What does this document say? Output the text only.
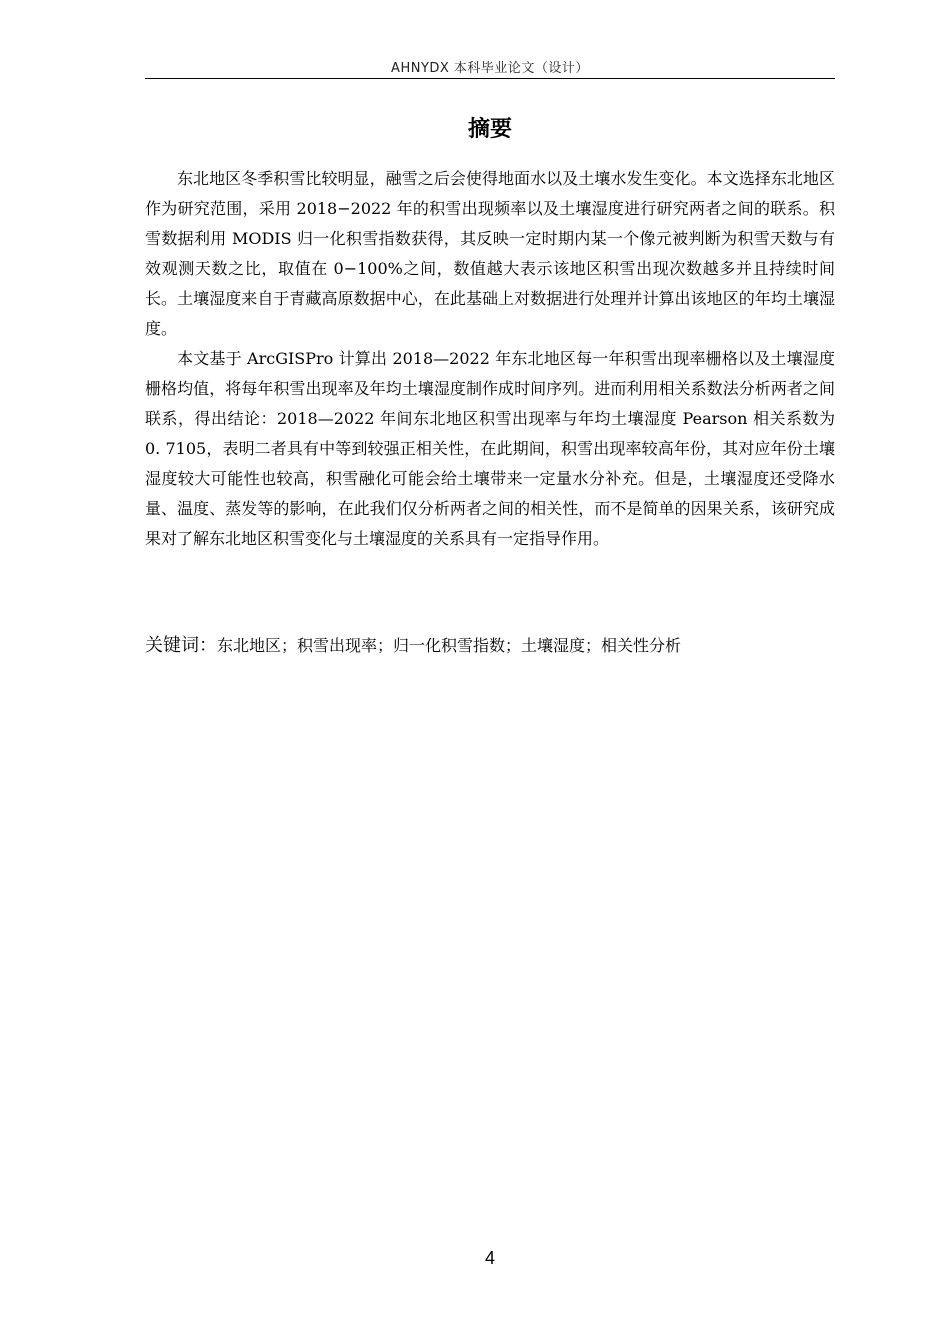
AHNYDX 本科毕业论文（设计）
摘要

东北地区冬季积雪比较明显，融雪之后会使得地面水以及土壤水发生变化。本文选择东北地区作为研究范围，采用 2018−2022 年的积雪出现频率以及土壤湿度进行研究两者之间的联系。积雪数据利用 MODIS 归一化积雪指数获得，其反映一定时期内某一个像元被判断为积雪天数与有效观测天数之比，取值在 0−100%之间，数值越大表示该地区积雪出现次数越多并且持续时间长。土壤湿度来自于青藏高原数据中心，在此基础上对数据进行处理并计算出该地区的年均土壤湿度。

本文基于 ArcGISPro 计算出 2018—2022 年东北地区每一年积雪出现率栅格以及土壤湿度栅格均值，将每年积雪出现率及年均土壤湿度制作成时间序列。进而利用相关系数法分析两者之间联系，得出结论：2018—2022 年间东北地区积雪出现率与年均土壤湿度 Pearson 相关系数为 0. 7105，表明二者具有中等到较强正相关性，在此期间，积雪出现率较高年份，其对应年份土壤湿度较大可能性也较高，积雪融化可能会给土壤带来一定量水分补充。但是，土壤湿度还受降水量、温度、蒸发等的影响，在此我们仅分析两者之间的相关性，而不是简单的因果关系，该研究成果对了解东北地区积雪变化与土壤湿度的关系具有一定指导作用。

关键词：东北地区；积雪出现率；归一化积雪指数；土壤湿度；相关性分析
4
